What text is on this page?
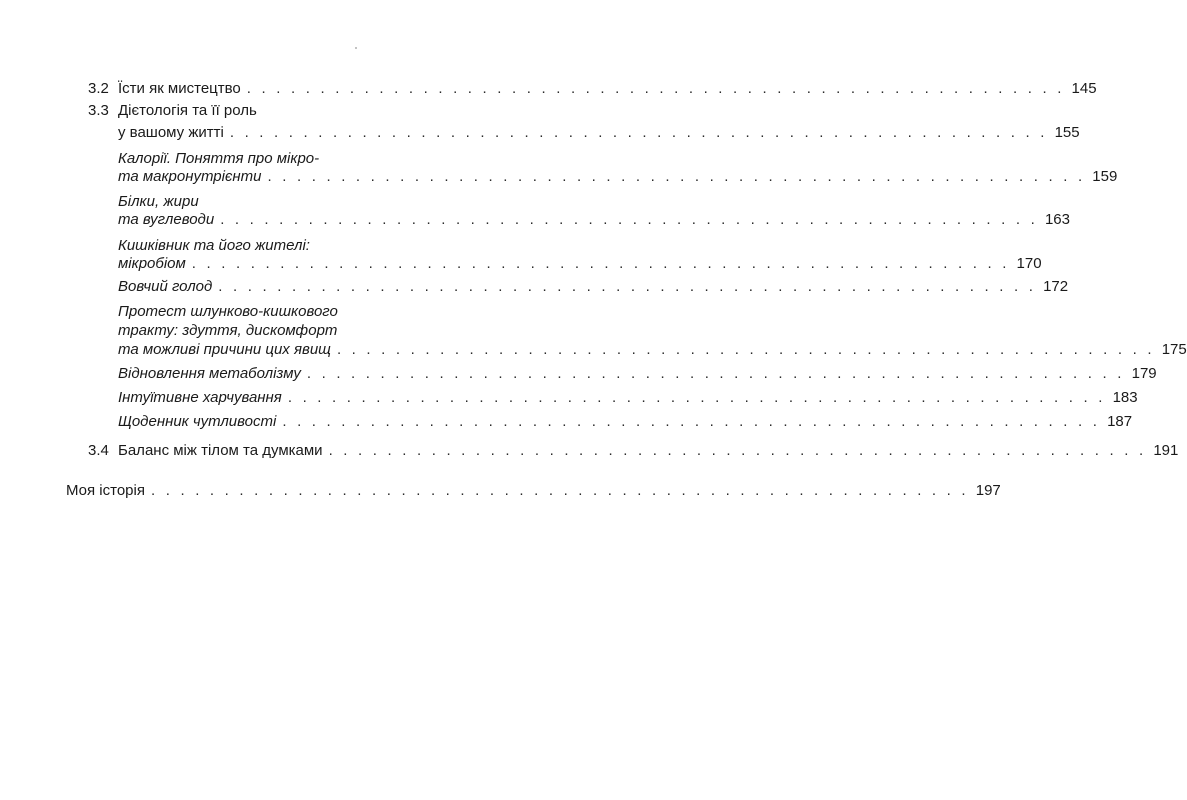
3.2 Їсти як мистецтво . . . . . . . . . . . . . . . . . . . . . . . . . . . . . . . . . . . . . . . . . . . . . . . . . . . . . . . . 145
3.3 Дієтологія та її роль
у вашому житті . . . . . . . . . . . . . . . . . . . . . . . . . . . . . . . . . . . . . . . . . . . . . . . . . . . . . . . . 155
Калорії. Поняття про мікро-
та макронутрієнти . . . . . . . . . . . . . . . . . . . . . . . . . . . . . . . . . . . . . . . . . . . . . . . . . . . . . . . . 159
Білки, жири
та вуглеводи . . . . . . . . . . . . . . . . . . . . . . . . . . . . . . . . . . . . . . . . . . . . . . . . . . . . . . . . 163
Кишківник та його жителі:
мікробіом . . . . . . . . . . . . . . . . . . . . . . . . . . . . . . . . . . . . . . . . . . . . . . . . . . . . . . . . 170
Вовчий голод . . . . . . . . . . . . . . . . . . . . . . . . . . . . . . . . . . . . . . . . . . . . . . . . . . . . . . . . 172
Протест шлунково-кишкового
тракту: здуття, дискомфорт
та можливі причини цих явищ . . . . . . . . . . . . . . . . . . . . . . . . . . . . . . . . . . . . . . . . . . . . . . . . . . . . . . . . 175
Відновлення метаболізму . . . . . . . . . . . . . . . . . . . . . . . . . . . . . . . . . . . . . . . . . . . . . . . . . . . . . . . . 179
Інтуїтивне харчування . . . . . . . . . . . . . . . . . . . . . . . . . . . . . . . . . . . . . . . . . . . . . . . . . . . . . . . . 183
Щоденник чутливості . . . . . . . . . . . . . . . . . . . . . . . . . . . . . . . . . . . . . . . . . . . . . . . . . . . . . . . . 187
3.4 Баланс між тілом та думками . . . . . . . . . . . . . . . . . . . . . . . . . . . . . . . . . . . . . . . . . . . . . . . . . . . . . . . . 191
Моя історія . . . . . . . . . . . . . . . . . . . . . . . . . . . . . . . . . . . . . . . . . . . . . . . . . . . . . . . . 197
